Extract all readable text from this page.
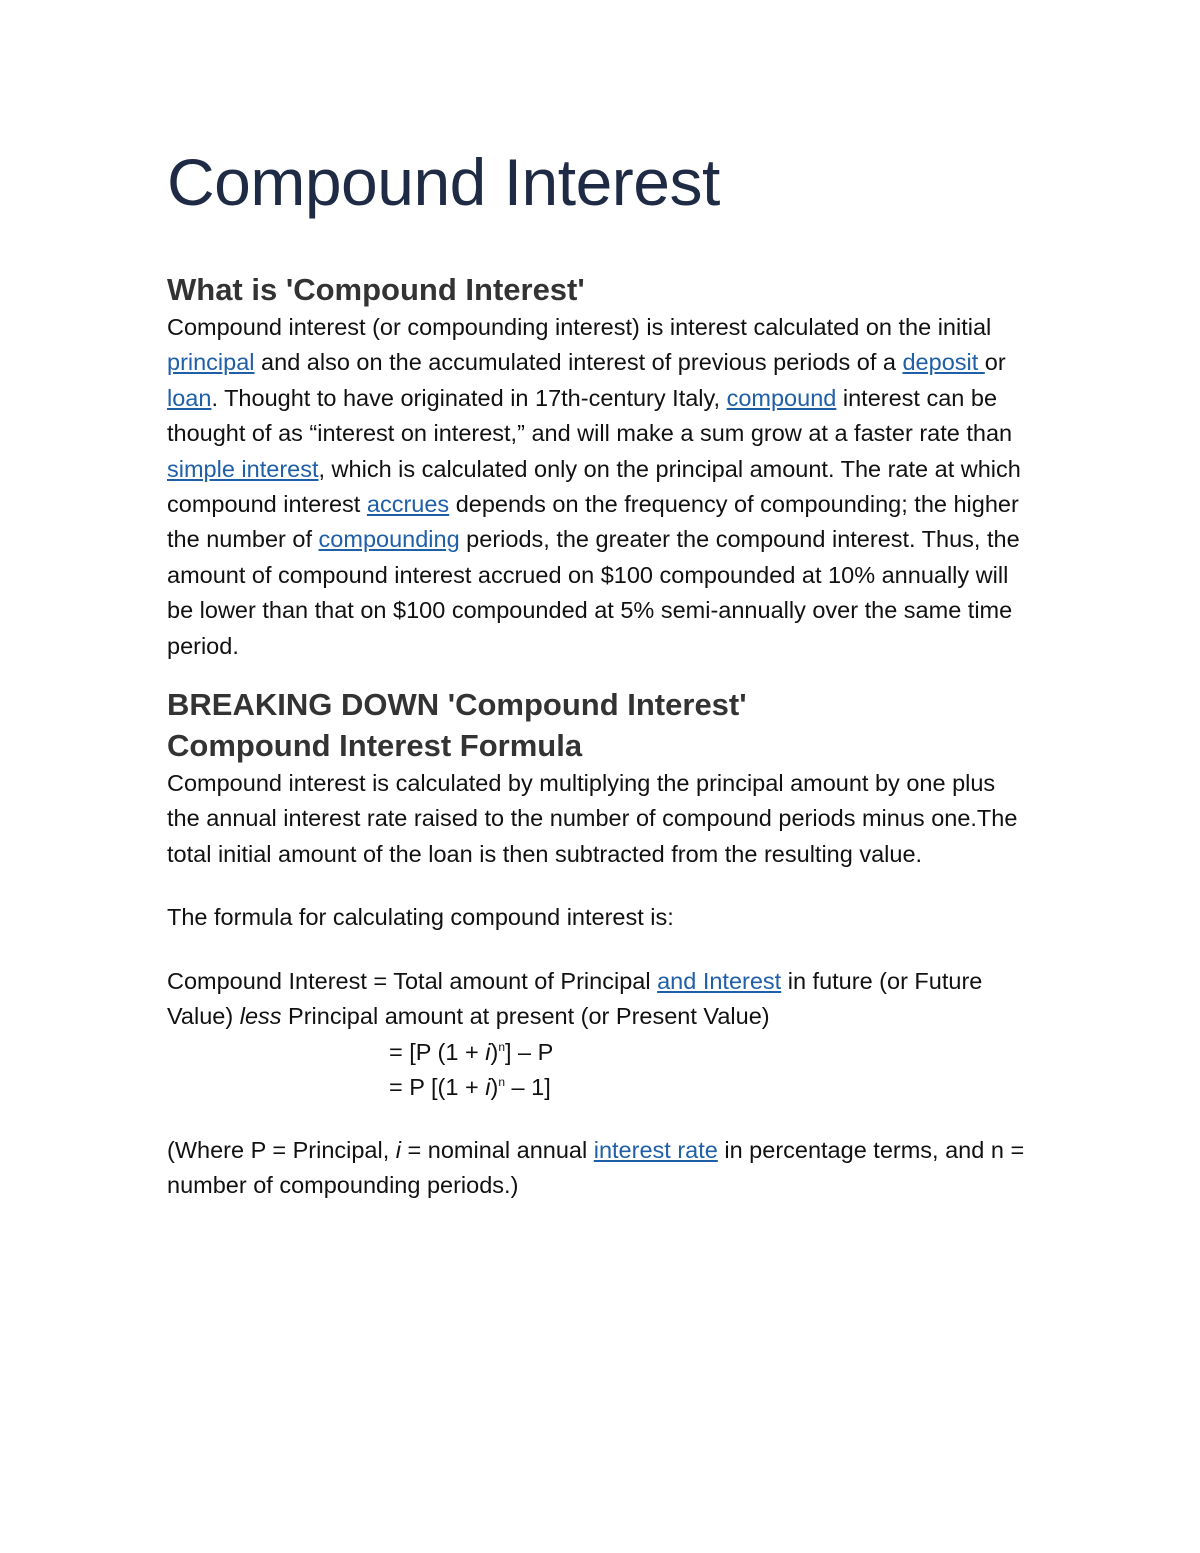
Compound Interest
What is 'Compound Interest'

Compound interest (or compounding interest) is interest calculated on the initial principal and also on the accumulated interest of previous periods of a deposit or loan. Thought to have originated in 17th-century Italy, compound interest can be thought of as “interest on interest,” and will make a sum grow at a faster rate than simple interest, which is calculated only on the principal amount. The rate at which compound interest accrues depends on the frequency of compounding; the higher the number of compounding periods, the greater the compound interest. Thus, the amount of compound interest accrued on $100 compounded at 10% annually will be lower than that on $100 compounded at 5% semi-annually over the same time period.

BREAKING DOWN 'Compound Interest'
Compound Interest Formula

Compound interest is calculated by multiplying the principal amount by one plus the annual interest rate raised to the number of compound periods minus one.The total initial amount of the loan is then subtracted from the resulting value.

The formula for calculating compound interest is:

Compound Interest = Total amount of Principal and Interest in future (or Future Value) less Principal amount at present (or Present Value)

= [P $(1 + i)^n] - P$

= P $[(1 + i)^n - 1]$

(Where P = Principal, i = nominal annual interest rate in percentage terms, and n = number of compounding periods.)
